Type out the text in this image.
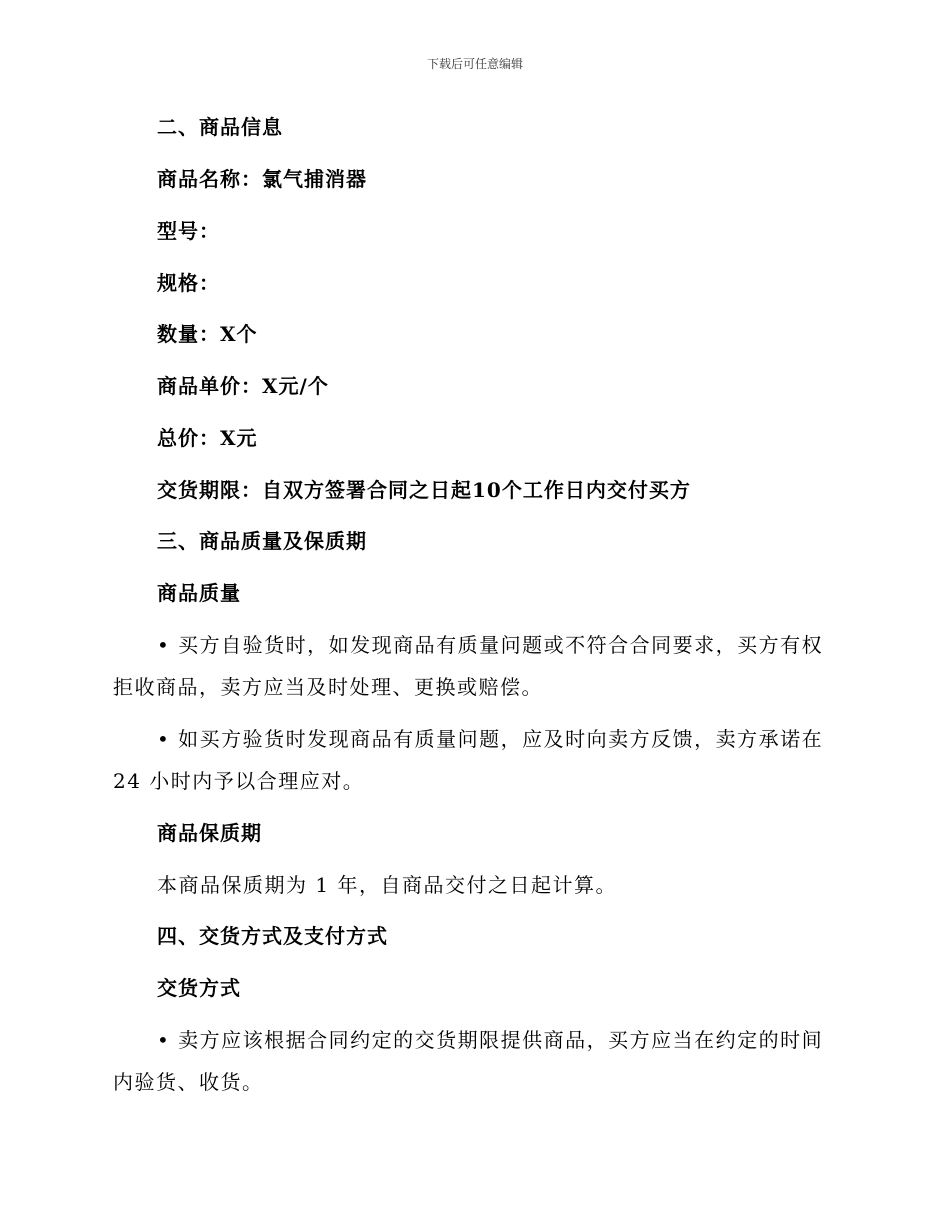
下载后可任意编辑
二、商品信息
商品名称：氯气捕消器
型号：
规格：
数量：X个
商品单价：X元/个
总价：X元
交货期限：自双方签署合同之日起10个工作日内交付买方
三、商品质量及保质期
商品质量
• 买方自验货时，如发现商品有质量问题或不符合合同要求，买方有权
拒收商品，卖方应当及时处理、更换或赔偿。
• 如买方验货时发现商品有质量问题，应及时向卖方反馈，卖方承诺在
24 小时内予以合理应对。
商品保质期
本商品保质期为 1 年，自商品交付之日起计算。
四、交货方式及支付方式
交货方式
• 卖方应该根据合同约定的交货期限提供商品，买方应当在约定的时间
内验货、收货。
